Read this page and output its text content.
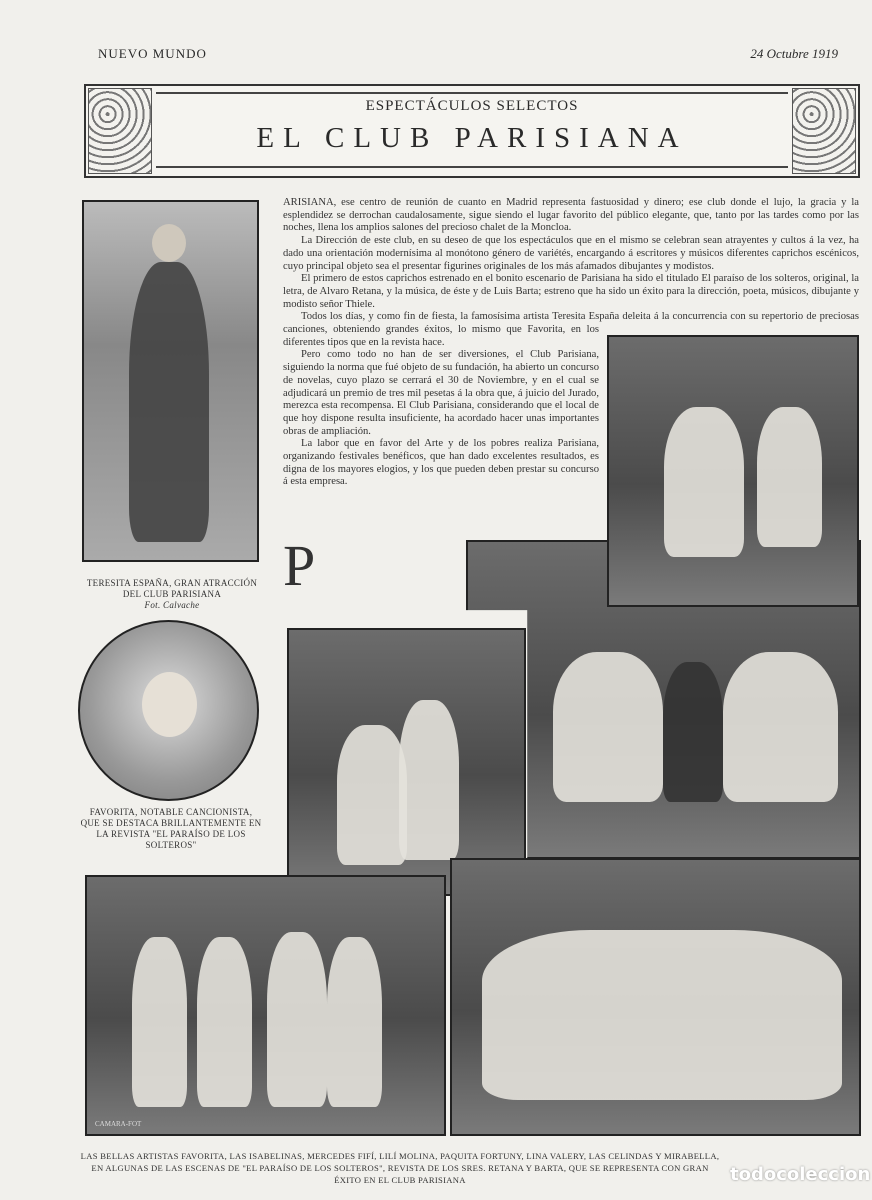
NUEVO MUNDO	24 Octubre 1919
ESPECTÁCULOS SELECTOS
EL CLUB PARISIANA
TERESITA ESPAÑA, GRAN ATRACCIÓN DEL CLUB PARISIANA
Fot. Calvache
FAVORITA, NOTABLE CANCIONISTA, QUE SE DESTACA BRILLANTEMENTE EN LA REVISTA "EL PARAÍSO DE LOS SOLTEROS"
CAMARA-FOT
P

ARISIANA, ese centro de reunión de cuanto en Madrid representa fastuosidad y dinero; ese club donde el lujo, la gracia y la esplendidez se derrochan caudalosamente, sigue siendo el lugar favorito del público elegante, que, tanto por las tardes como por las noches, llena los amplios salones del precioso chalet de la Moncloa.

La Dirección de este club, en su deseo de que los espectáculos que en el mismo se celebran sean atrayentes y cultos á la vez, ha dado una orientación modernísima al monótono género de variétés, encargando á escritores y músicos diferentes caprichos escénicos, cuyo principal objeto sea el presentar figurines originales de los más afamados dibujantes y modistos.

El primero de estos caprichos estrenado en el bonito escenario de Parisiana ha sido el titulado El paraíso de los solteros, original, la letra, de Alvaro Retana, y la música, de éste y de Luis Barta; estreno que ha sido un éxito para la dirección, poeta, músicos, dibujante y modisto señor Thiele.

Todos los días, y como fin de fiesta, la famosísima artista Teresita España deleita á la concurrencia con su repertorio de preciosas canciones, obteniendo grandes éxitos, lo mismo que Favorita, en los diferentes tipos que en la revista hace.

Pero como todo no han de ser diversiones, el Club Parisiana, siguiendo la norma que fué objeto de su fundación, ha abierto un concurso de novelas, cuyo plazo se cerrará el 30 de Noviembre, y en el cual se adjudicará un premio de tres mil pesetas á la obra que, á juicio del Jurado, merezca esta recompensa. El Club Parisiana, considerando que el local de que hoy dispone resulta insuficiente, ha acordado hacer unas importantes obras de ampliación.

La labor que en favor del Arte y de los pobres realiza Parisiana, organizando festivales benéficos, que han dado excelentes resultados, es digna de los mayores elogios, y los que pueden deben prestar su concurso á esta empresa.

LAS BELLAS ARTISTAS FAVORITA, LAS ISABELINAS, MERCEDES FIFÍ, LILÍ MOLINA, PAQUITA FORTUNY, LINA VALERY, LAS CELINDAS Y MIRABELLA, EN ALGUNAS DE LAS ESCENAS DE "EL PARAÍSO DE LOS SOLTEROS", REVISTA DE LOS SRES. RETANA Y BARTA, QUE SE REPRESENTA CON GRAN ÉXITO EN EL CLUB PARISIANA	todocoleccion
